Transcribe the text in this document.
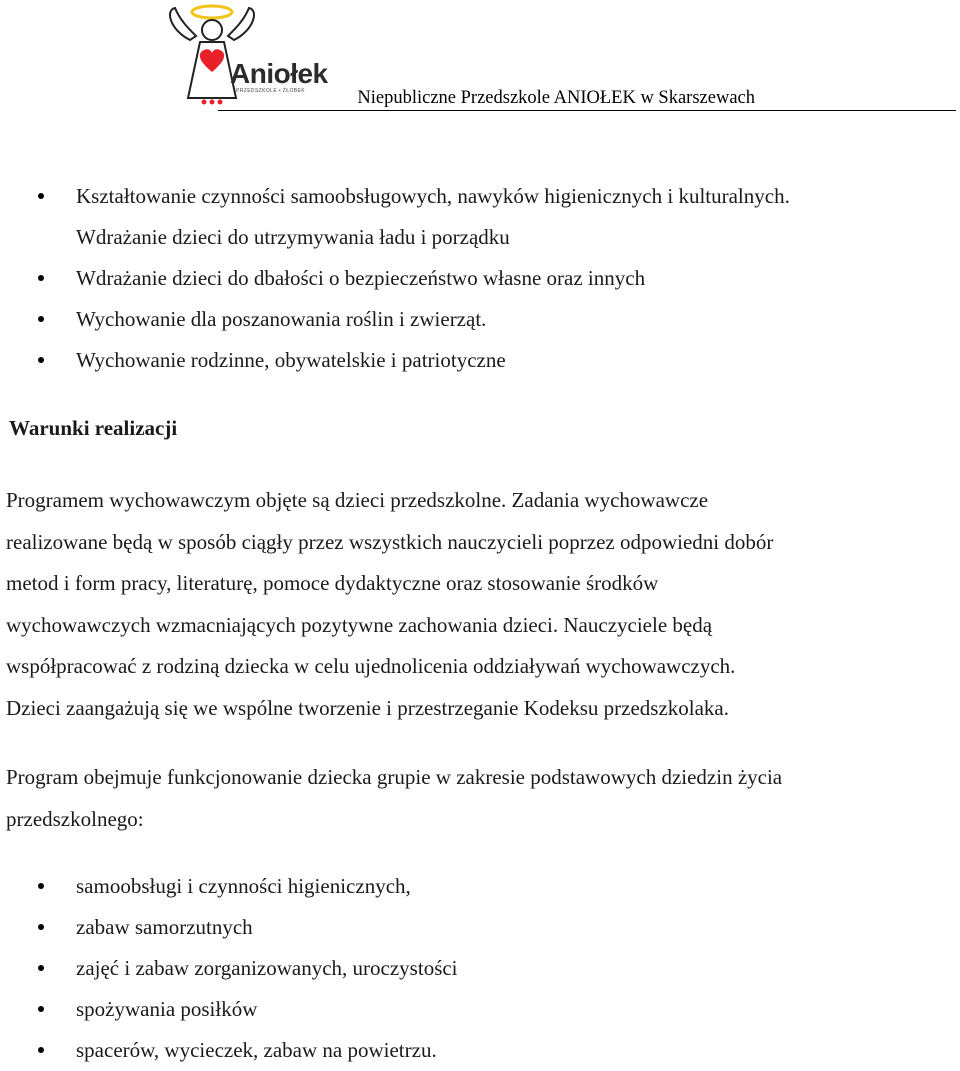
Aniołek
PRZEDSZKOLE • ŻŁOBEK	Niepubliczne Przedszkole ANIOŁEK w Skarszewach
Kształtowanie czynności samoobsługowych, nawyków higienicznych i kulturalnych.
Wdrażanie dzieci do utrzymywania ładu i porządku
Wdrażanie dzieci do dbałości o bezpieczeństwo własne oraz innych
Wychowanie dla poszanowania roślin i zwierząt.
Wychowanie rodzinne, obywatelskie i patriotyczne
Warunki realizacji

Programem wychowawczym objęte są dzieci przedszkolne. Zadania wychowawcze
realizowane będą w sposób ciągły przez wszystkich nauczycieli poprzez odpowiedni dobór
metod i form pracy, literaturę, pomoce dydaktyczne oraz stosowanie środków
wychowawczych wzmacniających pozytywne zachowania dzieci. Nauczyciele będą
współpracować z rodziną dziecka w celu ujednolicenia oddziaływań wychowawczych.
Dzieci zaangażują się we wspólne tworzenie i przestrzeganie Kodeksu przedszkolaka.

Program obejmuje funkcjonowanie dziecka grupie w zakresie podstawowych dziedzin życia
przedszkolnego:

samoobsługi i czynności higienicznych,
zabaw samorzutnych
zajęć i zabaw zorganizowanych, uroczystości
spożywania posiłków
spacerów, wycieczek, zabaw na powietrzu.
